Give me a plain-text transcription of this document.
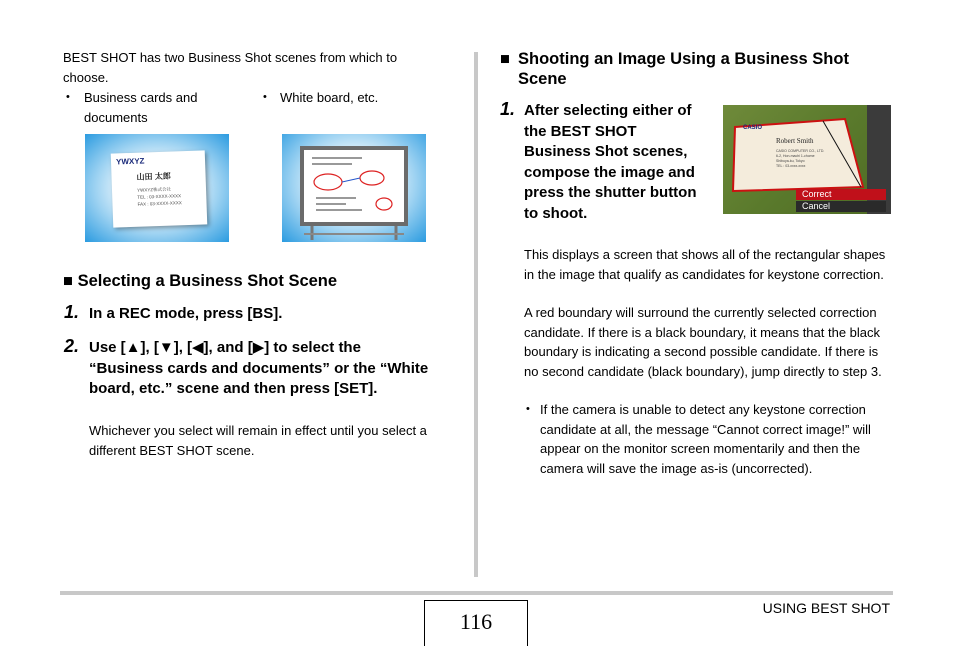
BEST SHOT has two Business Shot scenes from which to choose.
• Business cards and documents
• White board, etc.
YWXYZ
山田 太郎
YWXYZ株式会社
TEL : 03-XXXX-XXXX
FAX : 03-XXXX-XXXX
■ Selecting a Business Shot Scene
1. In a REC mode, press [BS].
2. Use [▲], [▼], [◀], and [▶] to select the “Business cards and documents” or the “White board, etc.” scene and then press [SET].
Whichever you select will remain in effect until you select a different BEST SHOT scene.
■ Shooting an Image Using a Business Shot Scene
1. After selecting either of the BEST SHOT Business Shot scenes, compose the image and press the shutter button to shoot.
CASIO
Robert Smith
CASIO COMPUTER CO., LTD.
6-2, Hon-machi 1-chome
Shibuya-ku, Tokyo
TEL : 03-xxxx-xxxx
Correct
Cancel
This displays a screen that shows all of the rectangular shapes in the image that qualify as candidates for keystone correction.
A red boundary will surround the currently selected correction candidate. If there is a black boundary, it means that the black boundary is indicating a second possible candidate. If there is no second candidate (black boundary), jump directly to step 3.
• If the camera is unable to detect any keystone correction candidate at all, the message “Cannot correct image!” will appear on the monitor screen momentarily and then the camera will save the image as-is (uncorrected).
116
USING BEST SHOT
